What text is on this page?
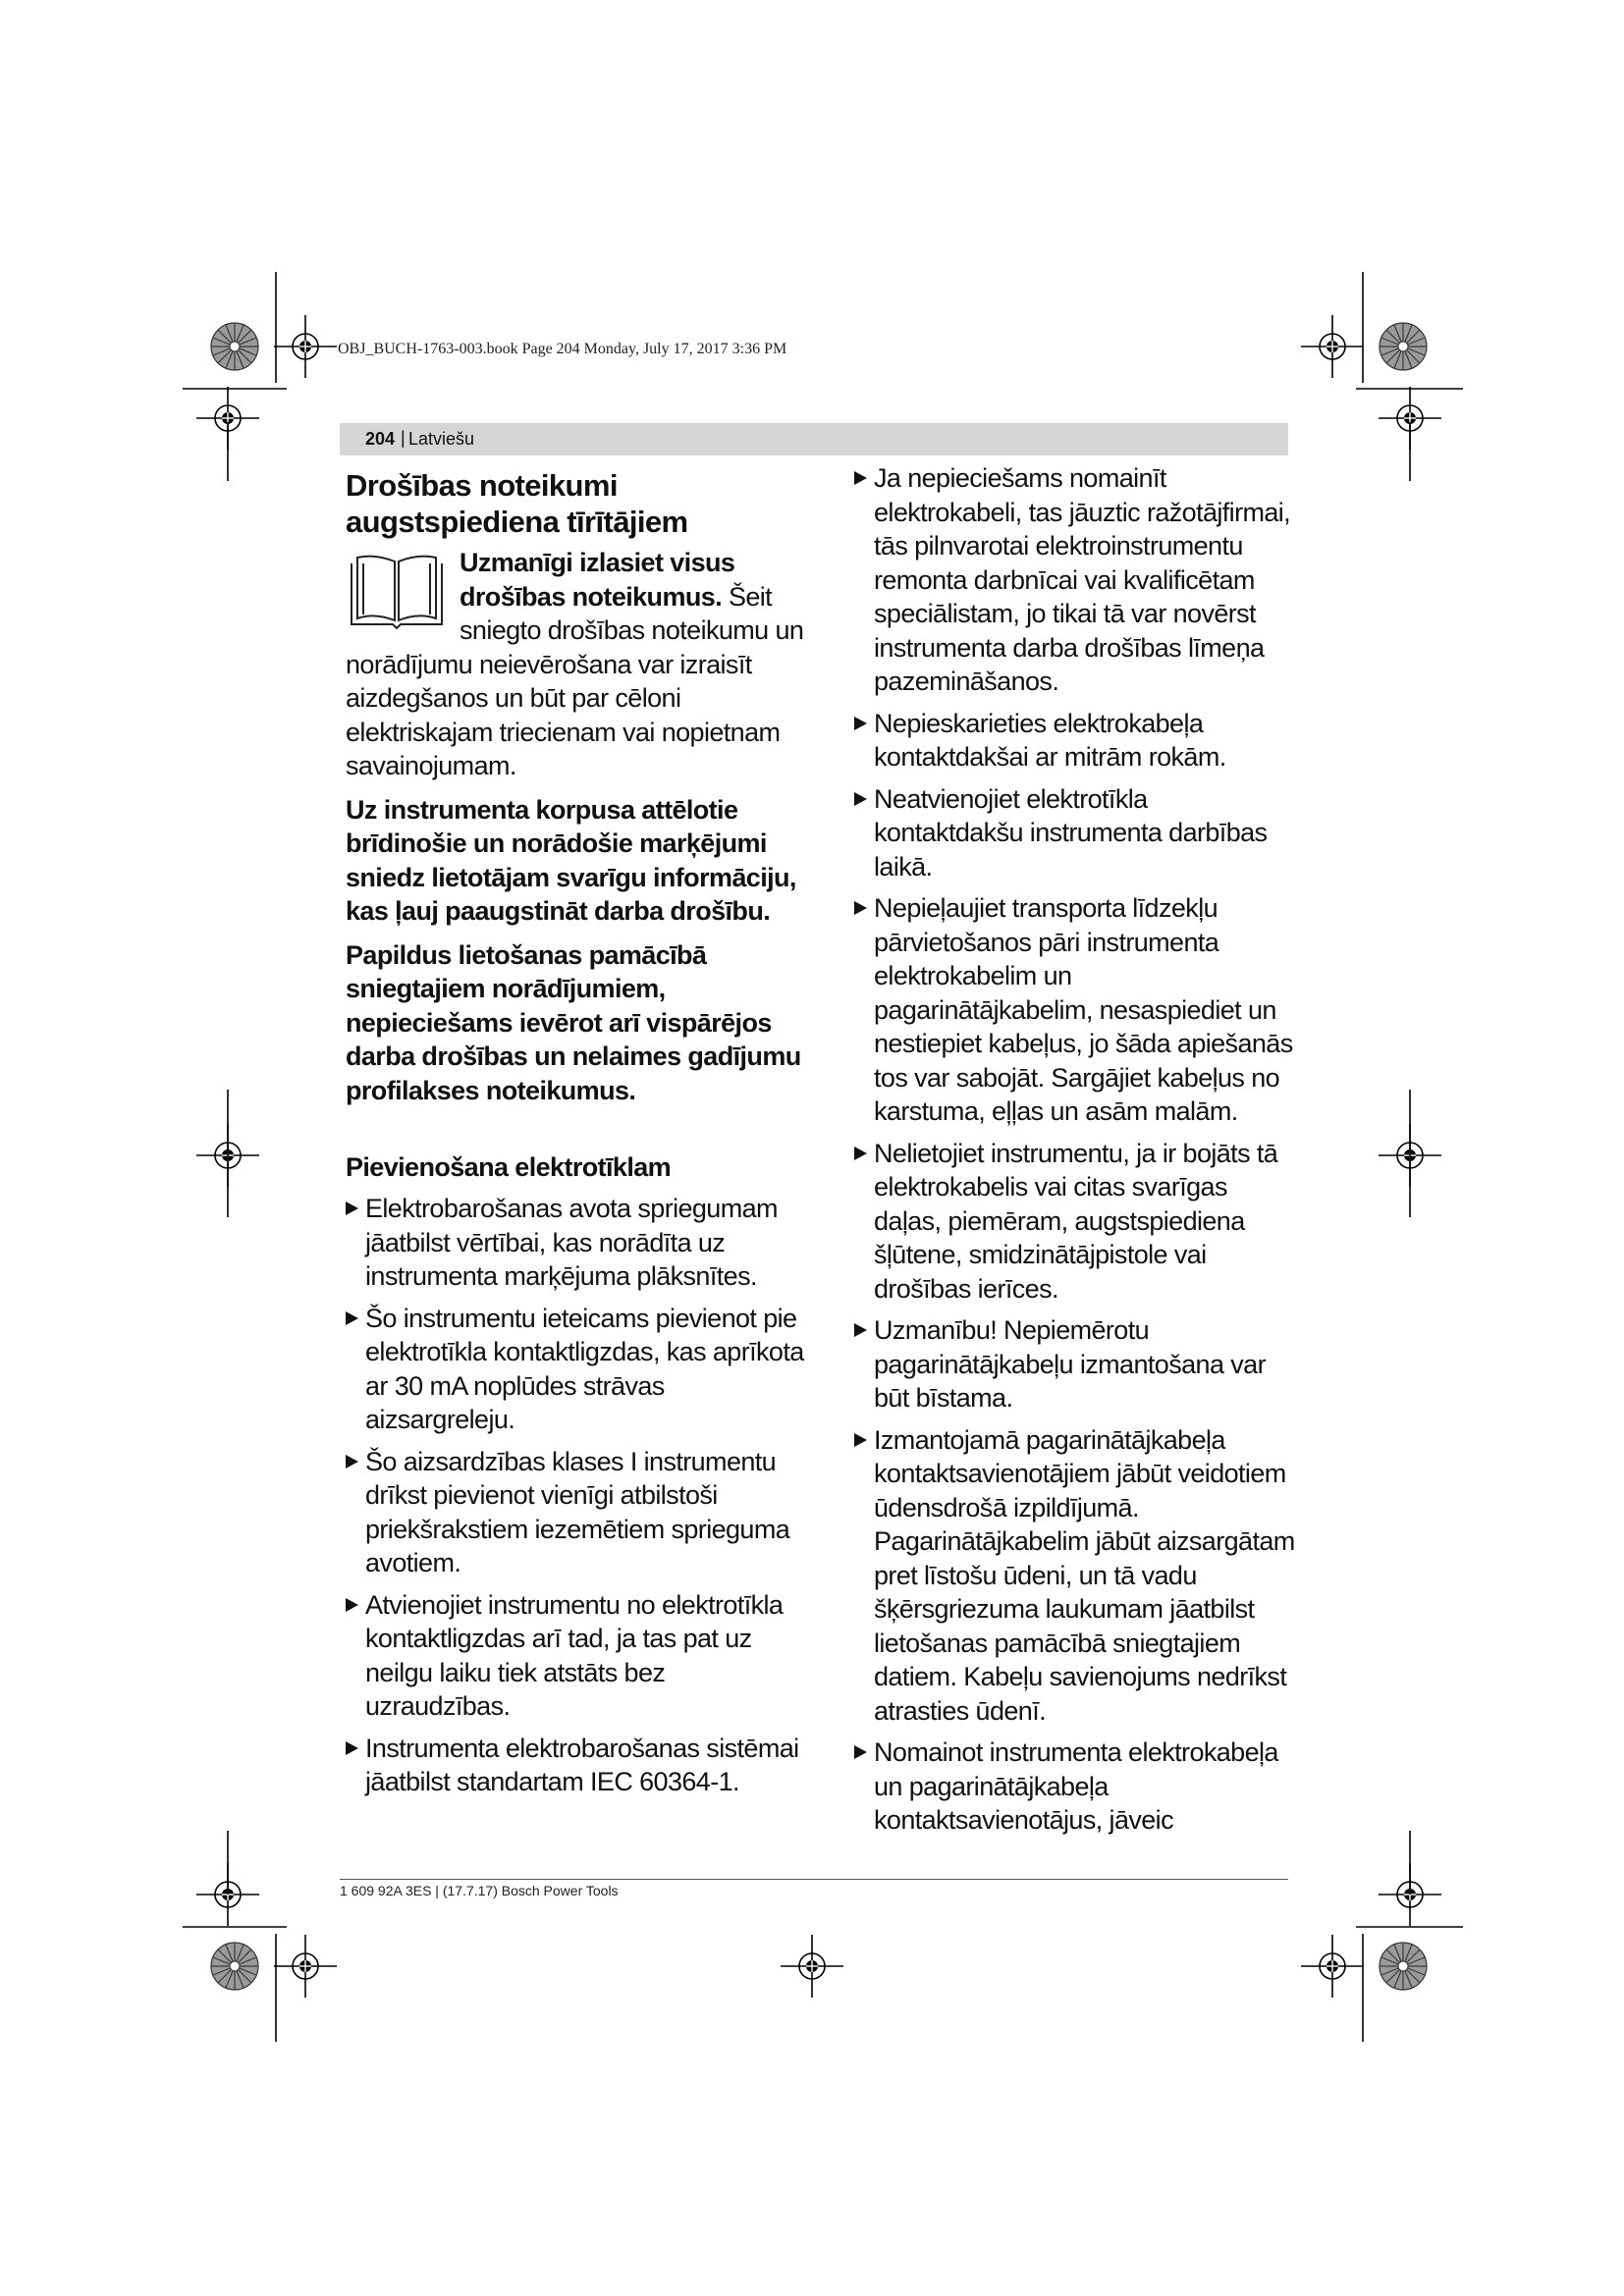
OBJ_BUCH-1763-003.book Page 204 Monday, July 17, 2017 3:36 PM
204 | Latviešu
Drošības noteikumi
augstspiediena tīrītājiem
Uzmanīgi izlasiet visus drošības noteikumus. Šeit sniegto drošības noteikumu un norādījumu neievērošana var izraisīt aizdegšanos un būt par cēloni elektriskajam triecienam vai nopietnam savainojumam.

Uz instrumenta korpusa attēlotie brīdinošie un norādošie marķējumi sniedz lietotājam svarīgu informāciju, kas ļauj paaugstināt darba drošību.

Papildus lietošanas pamācībā sniegtajiem norādījumiem, nepieciešams ievērot arī vispārējos darba drošības un nelaimes gadījumu profilakses noteikumus.

Pievienošana elektrotīklam
Elektrobarošanas avota spriegumam jāatbilst vērtībai, kas norādīta uz instrumenta marķējuma plāksnītes.
Šo instrumentu ieteicams pievienot pie elektrotīkla kontaktligzdas, kas aprīkota ar 30 mA noplūdes strāvas aizsargreleju.
Šo aizsardzības klases I instrumentu drīkst pievienot vienīgi atbilstoši priekšrakstiem iezemētiem sprieguma avotiem.
Atvienojiet instrumentu no elektrotīkla kontaktligzdas arī tad, ja tas pat uz neilgu laiku tiek atstāts bez uzraudzības.
Instrumenta elektrobarošanas sistēmai jāatbilst standartam IEC 60364-1.
Ja nepieciešams nomainīt elektrokabeli, tas jāuztic ražotājfirmai, tās pilnvarotai elektroinstrumentu remonta darbnīcai vai kvalificētam speciālistam, jo tikai tā var novērst instrumenta darba drošības līmeņa pazemināšanos.
Nepieskarieties elektrokabeļa kontaktdakšai ar mitrām rokām.
Neatvienojiet elektrotīkla kontaktdakšu instrumenta darbības laikā.
Nepieļaujiet transporta līdzekļu pārvietošanos pāri instrumenta elektrokabelim un pagarinātājkabelim, nesaspiediet un nestiepiet kabeļus, jo šāda apiešanās tos var sabojāt. Sargājiet kabeļus no karstuma, eļļas un asām malām.
Nelietojiet instrumentu, ja ir bojāts tā elektrokabelis vai citas svarīgas daļas, piemēram, augstspiediena šļūtene, smidzinātājpistole vai drošības ierīces.
Uzmanību! Nepiemērotu pagarinātājkabeļu izmantošana var būt bīstama.
Izmantojamā pagarinātājkabeļa kontaktsavienotājiem jābūt veidotiem ūdensdrošā izpildījumā. Pagarinātājkabelim jābūt aizsargātam pret līstošu ūdeni, un tā vadu šķērsgriezuma laukumam jāatbilst lietošanas pamācībā sniegtajiem datiem. Kabeļu savienojums nedrīkst atrasties ūdenī.
Nomainot instrumenta elektrokabeļa un pagarinātājkabeļa kontaktsavienotājus, jāveic
1 609 92A 3ES | (17.7.17) Bosch Power Tools
